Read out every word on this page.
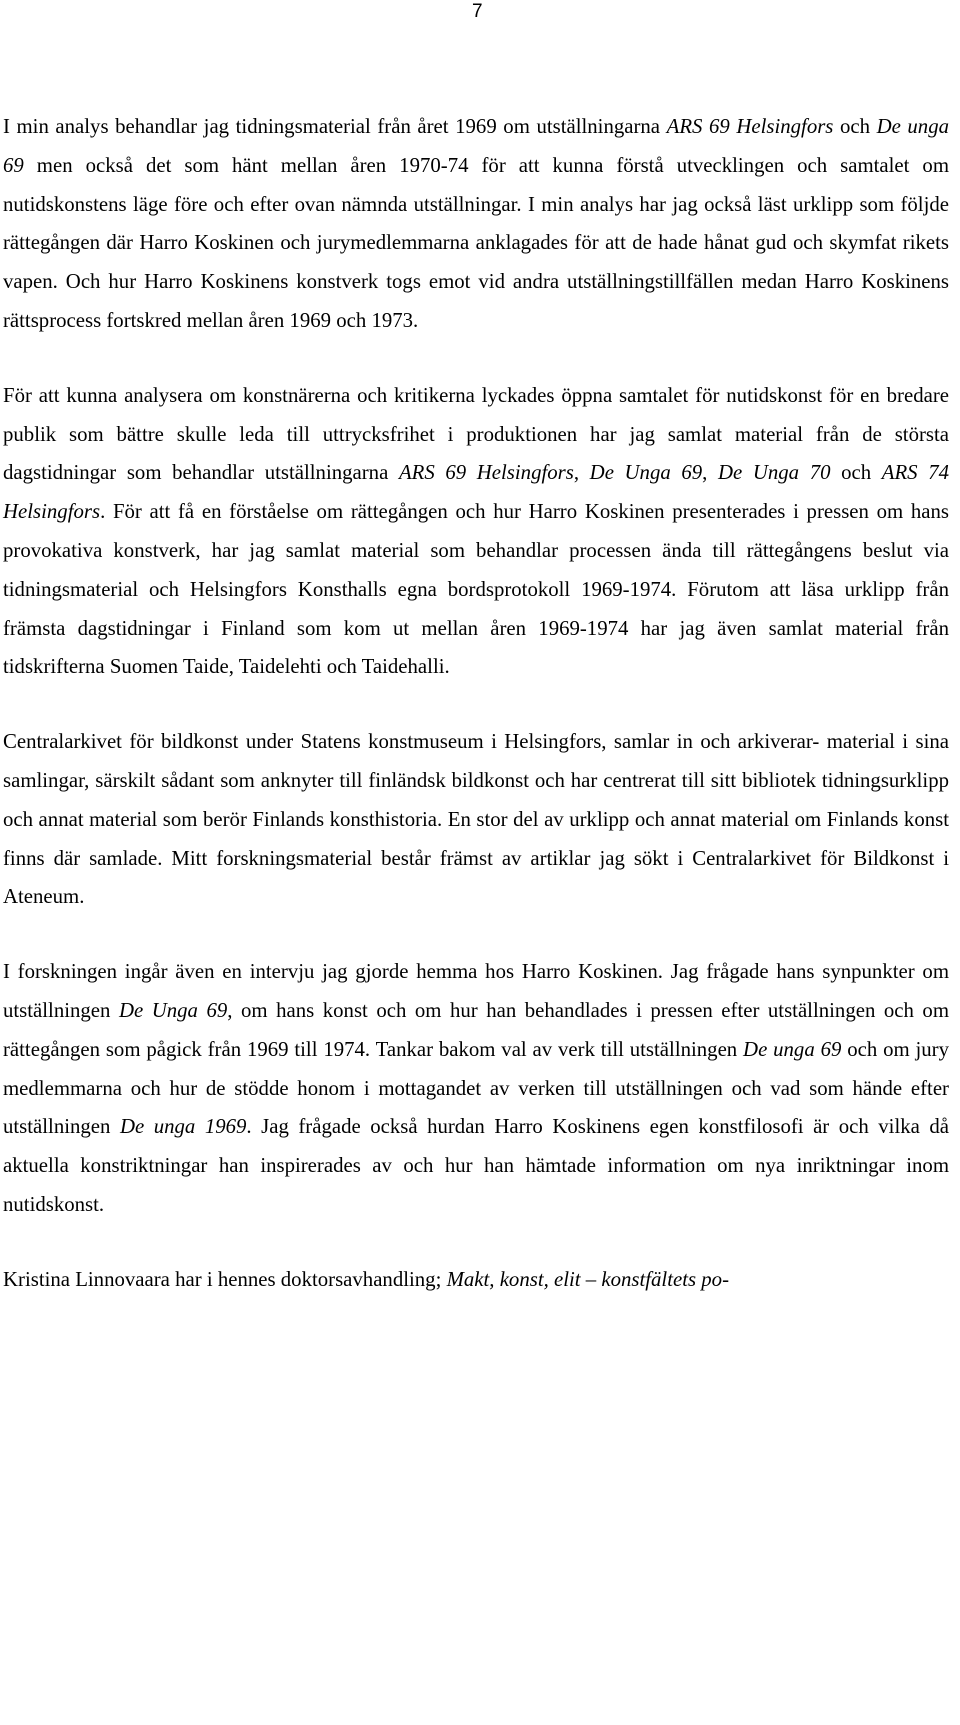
7

I min analys behandlar jag tidningsmaterial från året 1969 om utställningarna ARS 69 Helsingfors och De unga 69 men också det som hänt mellan åren 1970-74 för att kunna förstå utvecklingen och samtalet om nutidskonstens läge före och efter ovan nämnda utställningar. I min analys har jag också läst urklipp som följde rättegången där Harro Koskinen och jurymedlemmarna anklagades för att de hade hånat gud och skymfat rikets vapen. Och hur Harro Koskinens konstverk togs emot vid andra utställningstillfällen medan Harro Koskinens rättsprocess fortskred mellan åren 1969 och 1973.

För att kunna analysera om konstnärerna och kritikerna lyckades öppna samtalet för nutidskonst för en bredare publik som bättre skulle leda till uttrycksfrihet i produktionen har jag samlat material från de största dagstidningar som behandlar utställningarna ARS 69 Helsingfors, De Unga 69, De Unga 70 och ARS 74 Helsingfors. För att få en förståelse om rättegången och hur Harro Koskinen presenterades i pressen om hans provokativa konstverk, har jag samlat material som behandlar processen ända till rättegångens beslut via tidningsmaterial och Helsingfors Konsthalls egna bordsprotokoll 1969-1974. Förutom att läsa urklipp från främsta dagstidningar i Finland som kom ut mellan åren 1969-1974 har jag även samlat material från tidskrifterna Suomen Taide, Taidelehti och Taidehalli.

Centralarkivet för bildkonst under Statens konstmuseum i Helsingfors, samlar in och arkiverar- material i sina samlingar, särskilt sådant som anknyter till finländsk bildkonst och har centrerat till sitt bibliotek tidningsurklipp och annat material som berör Finlands konsthistoria. En stor del av urklipp och annat material om Finlands konst finns där samlade. Mitt forskningsmaterial består främst av artiklar jag sökt i Centralarkivet för Bildkonst i Ateneum.

I forskningen ingår även en intervju jag gjorde hemma hos Harro Koskinen. Jag frågade hans synpunkter om utställningen De Unga 69, om hans konst och om hur han behandlades i pressen efter utställningen och om rättegången som pågick från 1969 till 1974. Tankar bakom val av verk till utställningen De unga 69 och om jury medlemmarna och hur de stödde honom i mottagandet av verken till utställningen och vad som hände efter utställningen De unga 1969. Jag frågade också hurdan Harro Koskinens egen konstfilosofi är och vilka då aktuella konstriktningar han inspirerades av och hur han hämtade information om nya inriktningar inom nutidskonst.

Kristina Linnovaara har i hennes doktorsavhandling; Makt, konst, elit – konstfältets po-
